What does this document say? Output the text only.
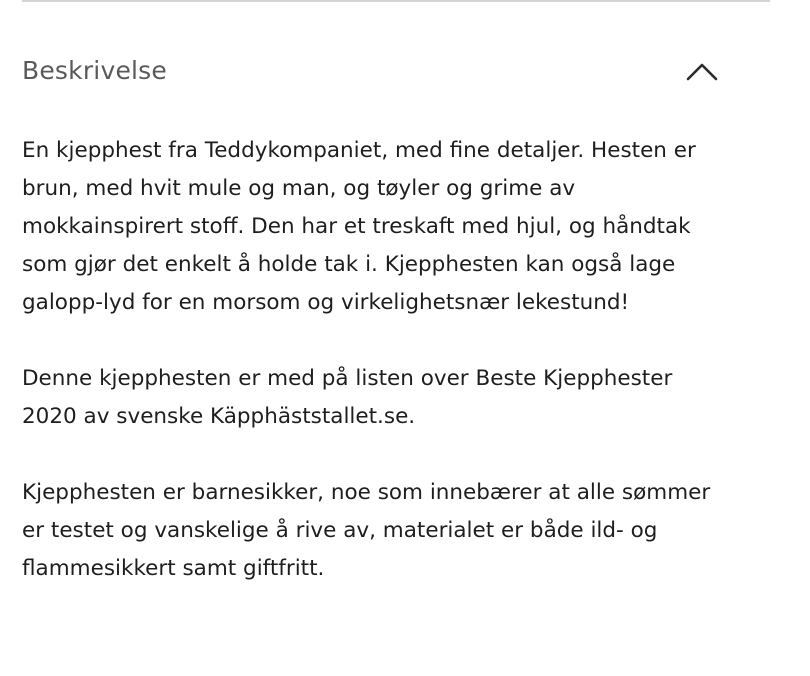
Beskrivelse

En kjepphest fra Teddykompaniet, med fine detaljer. Hesten er
brun, med hvit mule og man, og tøyler og grime av
mokkainspirert stoff. Den har et treskaft med hjul, og håndtak
som gjør det enkelt å holde tak i. Kjepphesten kan også lage
galopp-lyd for en morsom og virkelighetsnær lekestund!

Denne kjepphesten er med på listen over Beste Kjepphester
2020 av svenske Käpphäststallet.se.

Kjepphesten er barnesikker, noe som innebærer at alle sømmer
er testet og vanskelige å rive av, materialet er både ild- og
flammesikkert samt giftfritt.
